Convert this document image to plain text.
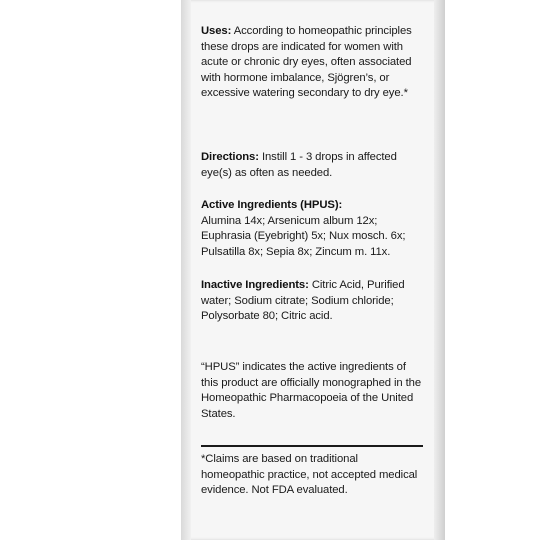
Uses: According to homeopathic principles these drops are indicated for women with acute or chronic dry eyes, often associated with hormone imbalance, Sjögren’s, or excessive watering secondary to dry eye.*
Directions: Instill 1 - 3 drops in affected eye(s) as often as needed.
Active Ingredients (HPUS):
Alumina 14x; Arsenicum album 12x; Euphrasia (Eyebright) 5x; Nux mosch. 6x; Pulsatilla 8x; Sepia 8x; Zincum m. 11x.
Inactive Ingredients: Citric Acid, Purified water; Sodium citrate; Sodium chloride; Polysorbate 80; Citric acid.
“HPUS” indicates the active ingredients of this product are officially monographed in the Homeopathic Pharmacopoeia of the United States.
*Claims are based on traditional homeopathic practice, not accepted medical evidence. Not FDA evaluated.
